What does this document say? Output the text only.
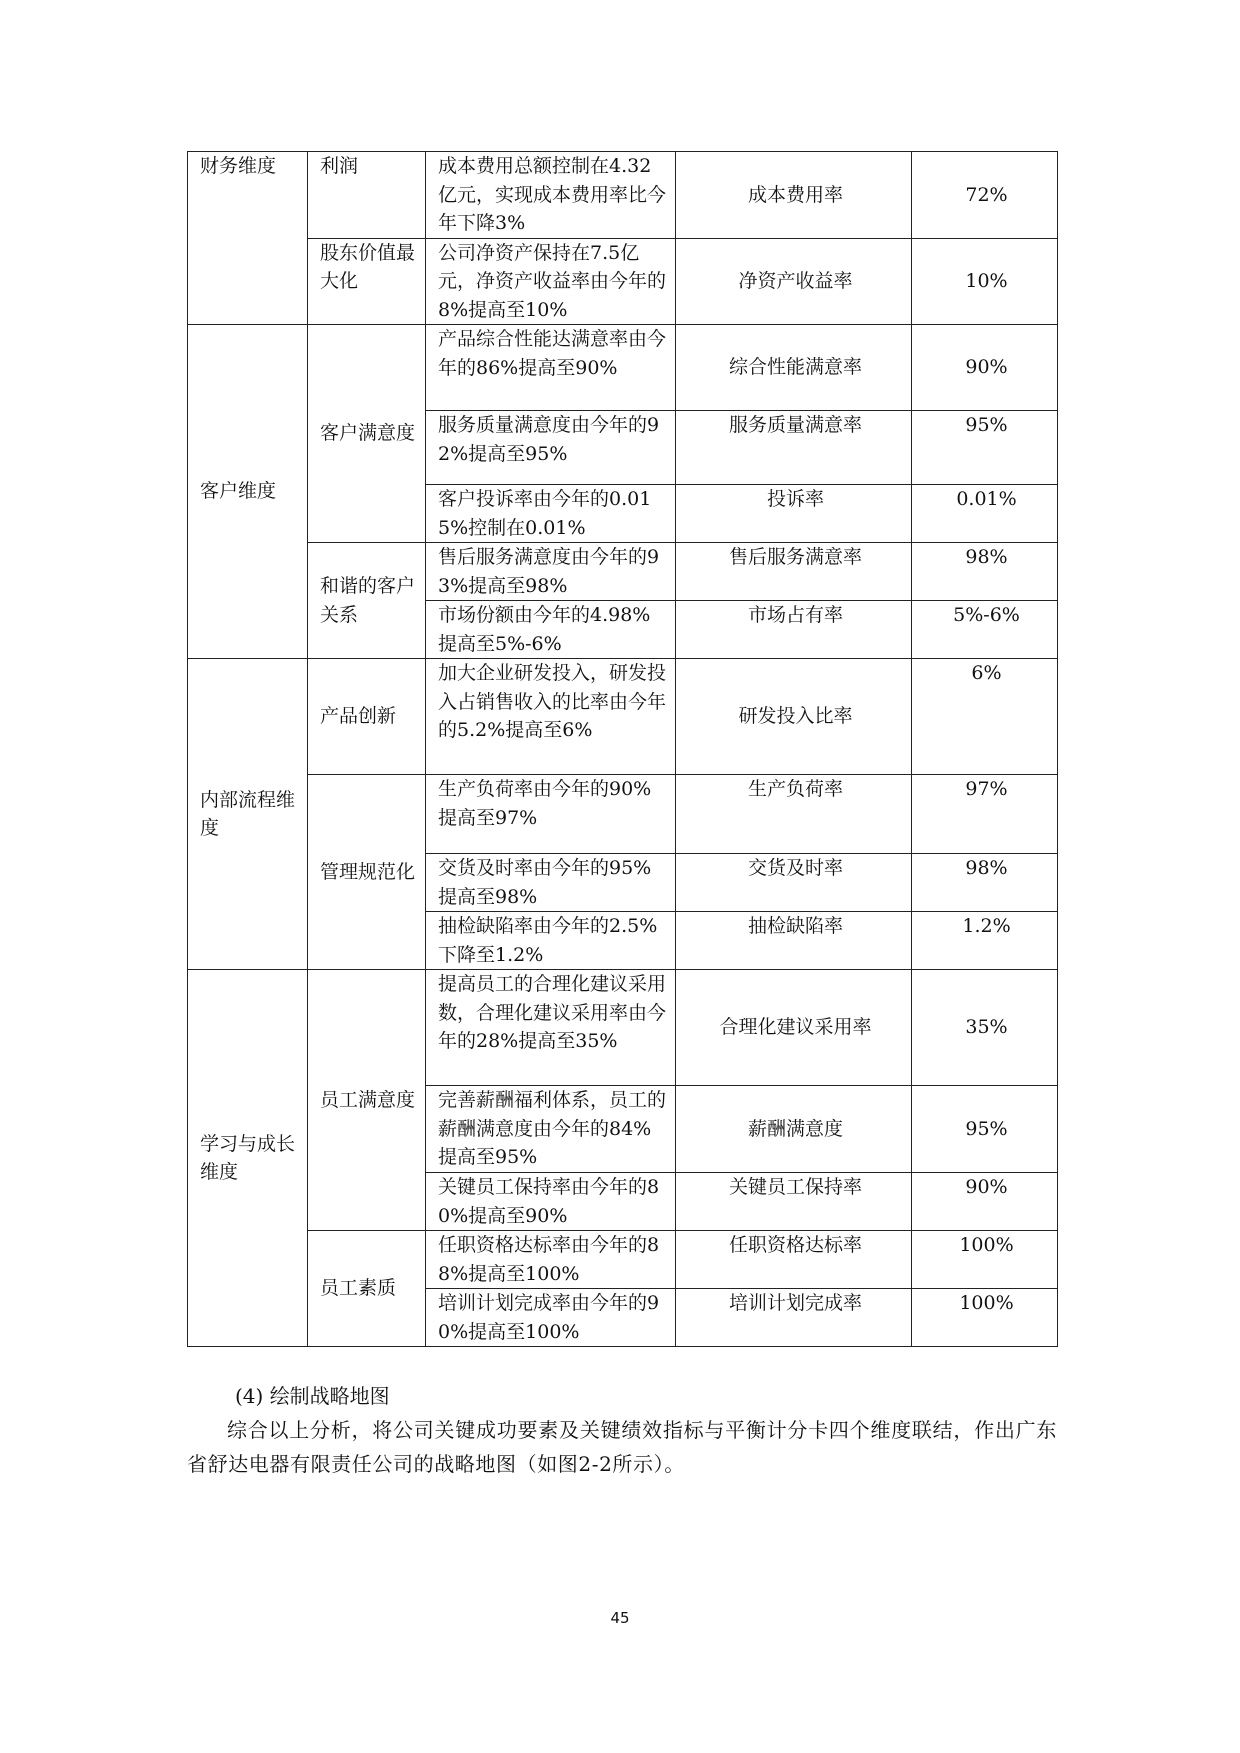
财务维度	利润	成本费用总额控制在4.32亿元，实现成本费用率比今年下降3%	成本费用率	72%
	股东价值最大化	公司净资产保持在7.5亿元，净资产收益率由今年的8%提高至10%	净资产收益率	10%
客户维度	客户满意度	产品综合性能达满意率由今年的86%提高至90%	综合性能满意率	90%
		服务质量满意度由今年的92%提高至95%	服务质量满意率	95%
		客户投诉率由今年的0.015%控制在0.01%	投诉率	0.01%
	和谐的客户关系	售后服务满意度由今年的93%提高至98%	售后服务满意率	98%
		市场份额由今年的4.98%提高至5%-6%	市场占有率	5%-6%
内部流程维度	产品创新	加大企业研发投入，研发投入占销售收入的比率由今年的5.2%提高至6%	研发投入比率	6%
	管理规范化	生产负荷率由今年的90%提高至97%	生产负荷率	97%
		交货及时率由今年的95%提高至98%	交货及时率	98%
		抽检缺陷率由今年的2.5%下降至1.2%	抽检缺陷率	1.2%
学习与成长维度	员工满意度	提高员工的合理化建议采用数，合理化建议采用率由今年的28%提高至35%	合理化建议采用率	35%
		完善薪酬福利体系，员工的薪酬满意度由今年的84%提高至95%	薪酬满意度	95%
		关键员工保持率由今年的80%提高至90%	关键员工保持率	90%
	员工素质	任职资格达标率由今年的88%提高至100%	任职资格达标率	100%
		培训计划完成率由今年的90%提高至100%	培训计划完成率	100%

(4) 绘制战略地图

综合以上分析，将公司关键成功要素及关键绩效指标与平衡计分卡四个维度联结，作出广东省舒达电器有限责任公司的战略地图（如图2-2所示）。

45
